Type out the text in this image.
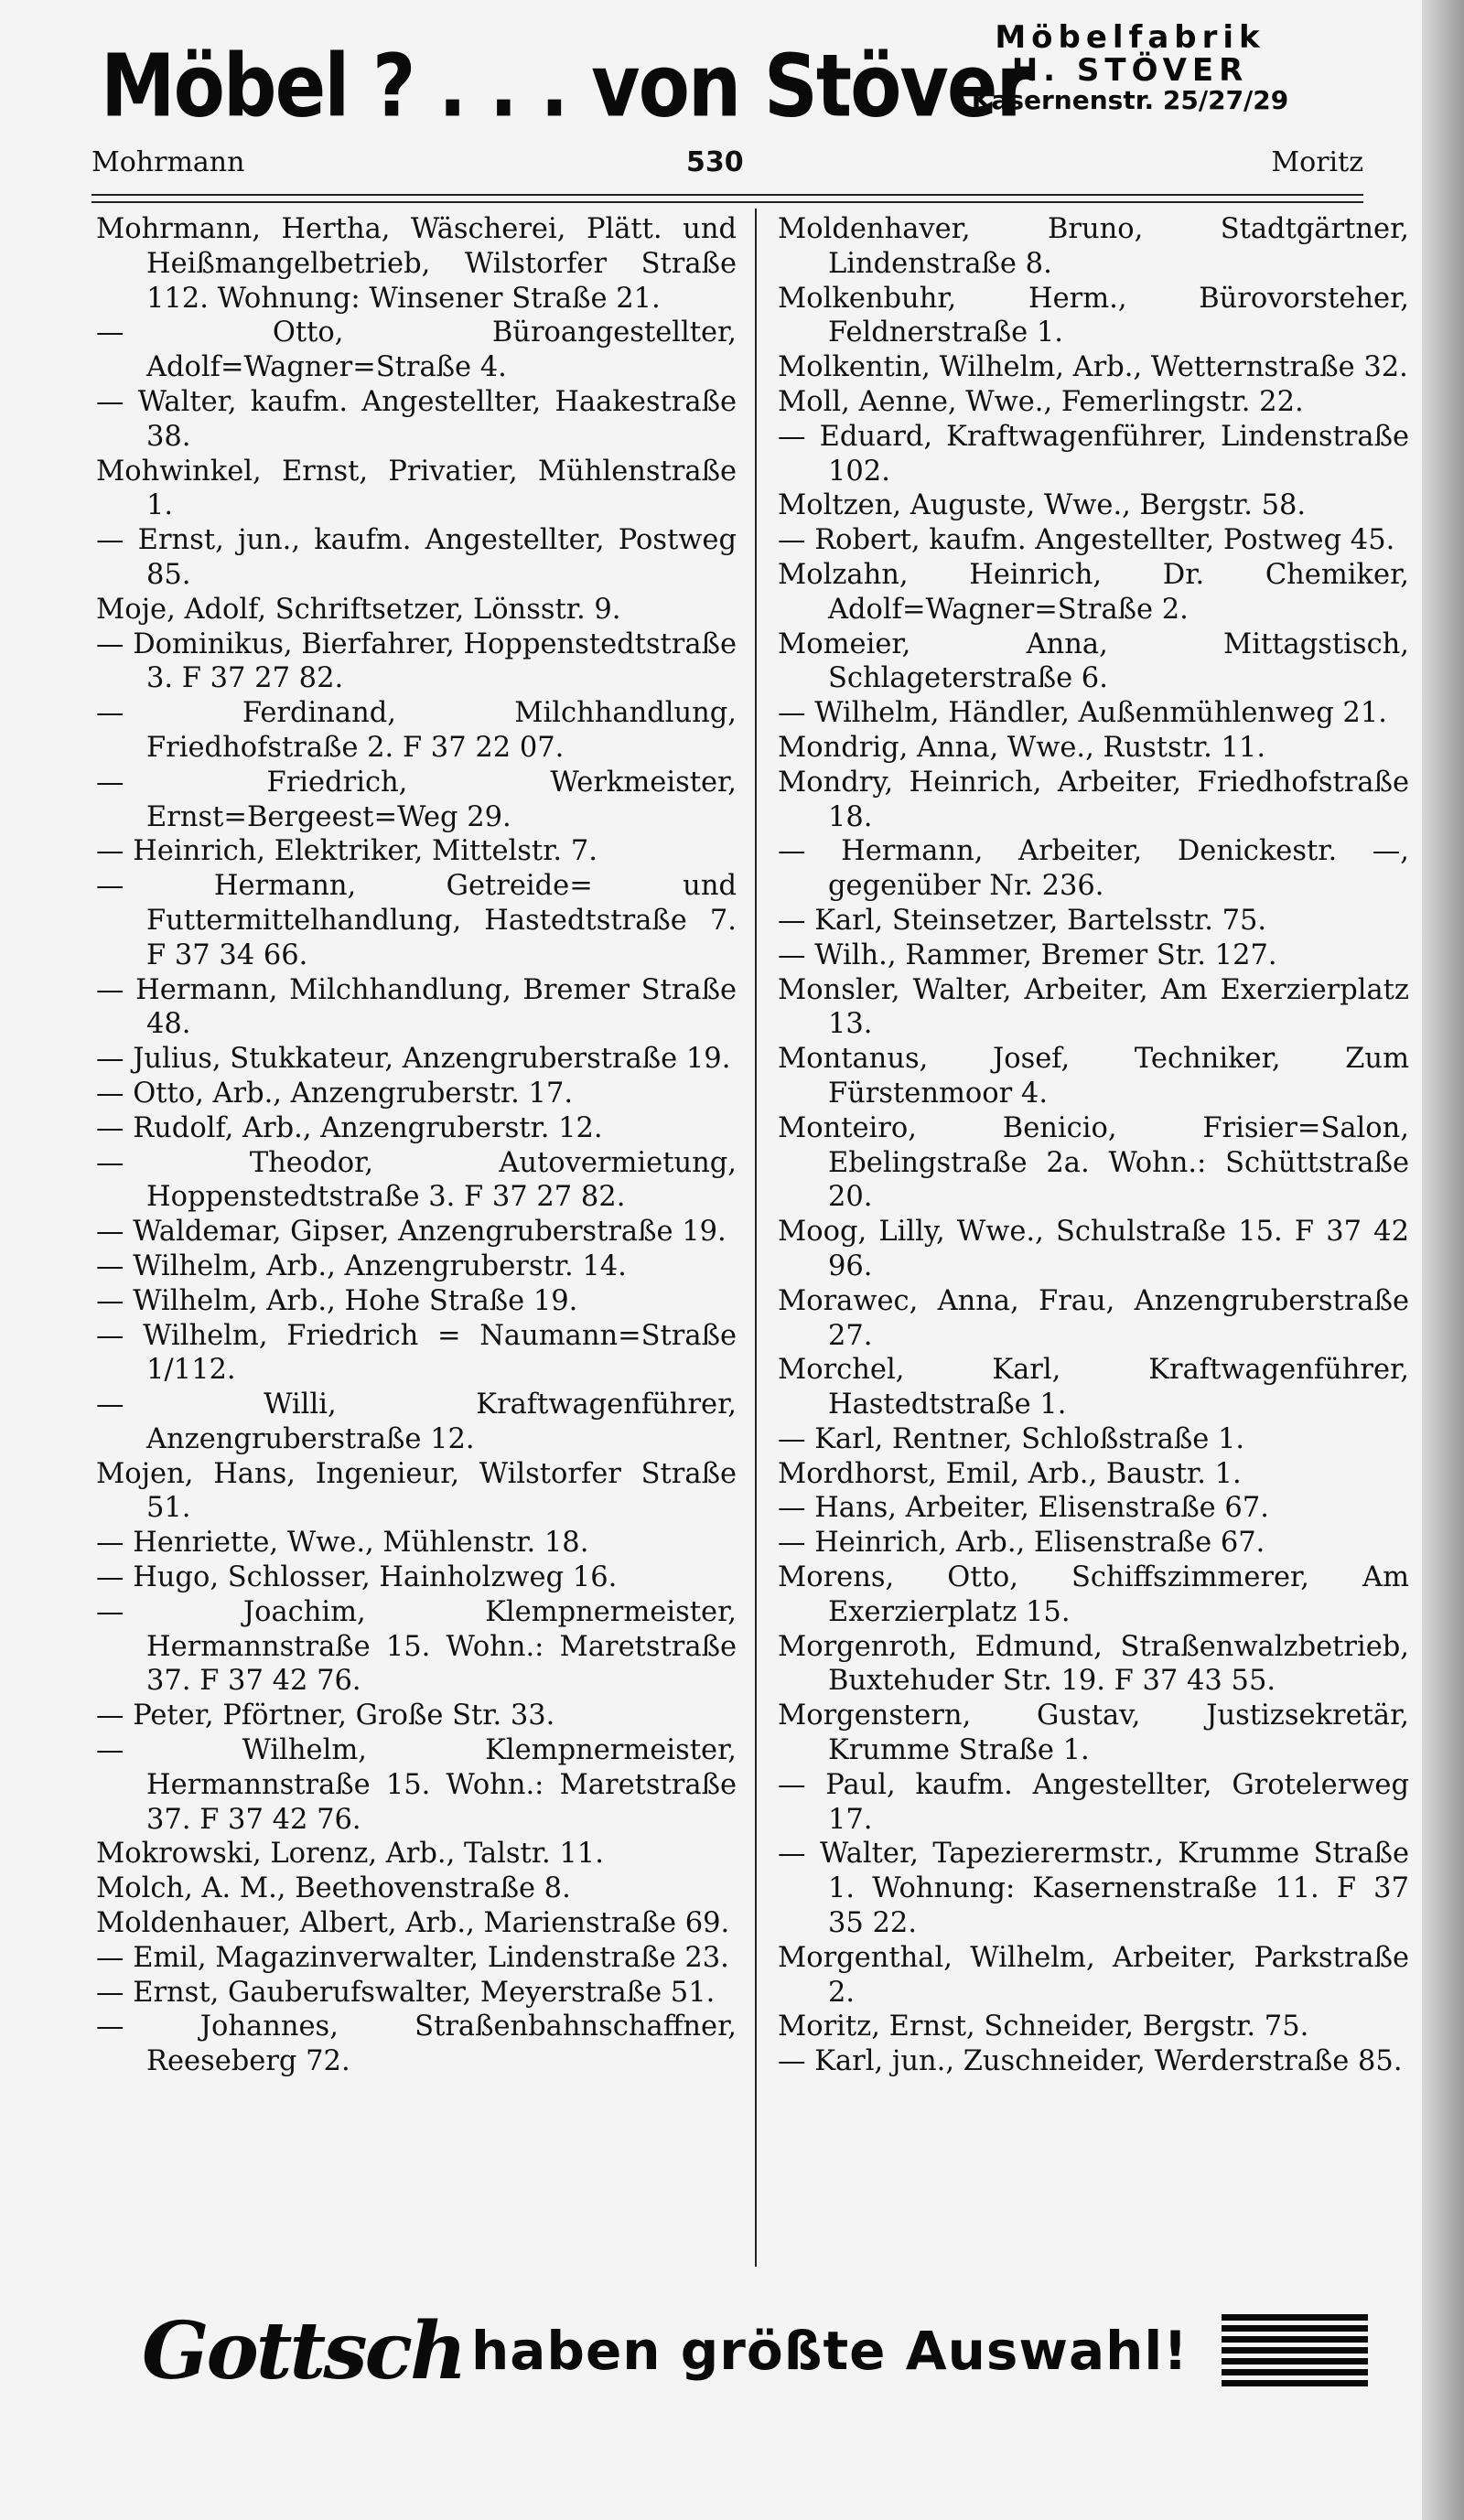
Möbel ? . . . von Stöver
Möbelfabrik
H. STÖVER
Kasernenstr. 25/27/29
Mohrmann	530	Moritz

Mohrmann, Hertha, Wäscherei, Plätt. und Heißmangelbetrieb, Wilstorfer Straße 112. Wohnung: Winsener Straße 21.

— Otto, Büroangestellter, Adolf=Wagner=Straße 4.

— Walter, kaufm. Angestellter, Haakestraße 38.

Mohwinkel, Ernst, Privatier, Mühlenstraße 1.

— Ernst, jun., kaufm. Angestellter, Postweg 85.

Moje, Adolf, Schriftsetzer, Lönsstr. 9.

— Dominikus, Bierfahrer, Hoppenstedtstraße 3. F 37 27 82.

— Ferdinand, Milchhandlung, Friedhofstraße 2. F 37 22 07.

— Friedrich, Werkmeister, Ernst=Bergeest=Weg 29.

— Heinrich, Elektriker, Mittelstr. 7.

— Hermann, Getreide= und Futtermittelhandlung, Hastedtstraße 7. F 37 34 66.

— Hermann, Milchhandlung, Bremer Straße 48.

— Julius, Stukkateur, Anzengruberstraße 19.

— Otto, Arb., Anzengruberstr. 17.

— Rudolf, Arb., Anzengruberstr. 12.

— Theodor, Autovermietung, Hoppenstedtstraße 3. F 37 27 82.

— Waldemar, Gipser, Anzengruberstraße 19.

— Wilhelm, Arb., Anzengruberstr. 14.

— Wilhelm, Arb., Hohe Straße 19.

— Wilhelm, Friedrich = Naumann=Straße 1/112.

— Willi, Kraftwagenführer, Anzengruberstraße 12.

Mojen, Hans, Ingenieur, Wilstorfer Straße 51.

— Henriette, Wwe., Mühlenstr. 18.

— Hugo, Schlosser, Hainholzweg 16.

— Joachim, Klempnermeister, Hermannstraße 15. Wohn.: Maretstraße 37. F 37 42 76.

— Peter, Pförtner, Große Str. 33.

— Wilhelm, Klempnermeister, Hermannstraße 15. Wohn.: Maretstraße 37. F 37 42 76.

Mokrowski, Lorenz, Arb., Talstr. 11.

Molch, A. M., Beethovenstraße 8.

Moldenhauer, Albert, Arb., Marienstraße 69.

— Emil, Magazinverwalter, Lindenstraße 23.

— Ernst, Gauberufswalter, Meyerstraße 51.

— Johannes, Straßenbahnschaffner, Reeseberg 72.

Moldenhaver, Bruno, Stadtgärtner, Lindenstraße 8.

Molkenbuhr, Herm., Bürovorsteher, Feldnerstraße 1.

Molkentin, Wilhelm, Arb., Wetternstraße 32.

Moll, Aenne, Wwe., Femerlingstr. 22.

— Eduard, Kraftwagenführer, Lindenstraße 102.

Moltzen, Auguste, Wwe., Bergstr. 58.

— Robert, kaufm. Angestellter, Postweg 45.

Molzahn, Heinrich, Dr. Chemiker, Adolf=Wagner=Straße 2.

Momeier, Anna, Mittagstisch, Schlageterstraße 6.

— Wilhelm, Händler, Außenmühlenweg 21.

Mondrig, Anna, Wwe., Ruststr. 11.

Mondry, Heinrich, Arbeiter, Friedhofstraße 18.

— Hermann, Arbeiter, Denickestr. —, gegenüber Nr. 236.

— Karl, Steinsetzer, Bartelsstr. 75.

— Wilh., Rammer, Bremer Str. 127.

Monsler, Walter, Arbeiter, Am Exerzierplatz 13.

Montanus, Josef, Techniker, Zum Fürstenmoor 4.

Monteiro, Benicio, Frisier=Salon, Ebelingstraße 2a. Wohn.: Schüttstraße 20.

Moog, Lilly, Wwe., Schulstraße 15. F 37 42 96.

Morawec, Anna, Frau, Anzengruberstraße 27.

Morchel, Karl, Kraftwagenführer, Hastedtstraße 1.

— Karl, Rentner, Schloßstraße 1.

Mordhorst, Emil, Arb., Baustr. 1.

— Hans, Arbeiter, Elisenstraße 67.

— Heinrich, Arb., Elisenstraße 67.

Morens, Otto, Schiffszimmerer, Am Exerzierplatz 15.

Morgenroth, Edmund, Straßenwalzbetrieb, Buxtehuder Str. 19. F 37 43 55.

Morgenstern, Gustav, Justizsekretär, Krumme Straße 1.

— Paul, kaufm. Angestellter, Grotelerweg 17.

— Walter, Tapezierermstr., Krumme Straße 1. Wohnung: Kasernenstraße 11. F 37 35 22.

Morgenthal, Wilhelm, Arbeiter, Parkstraße 2.

Moritz, Ernst, Schneider, Bergstr. 75.

— Karl, jun., Zuschneider, Werderstraße 85.

Gottsch haben größte Auswahl!
